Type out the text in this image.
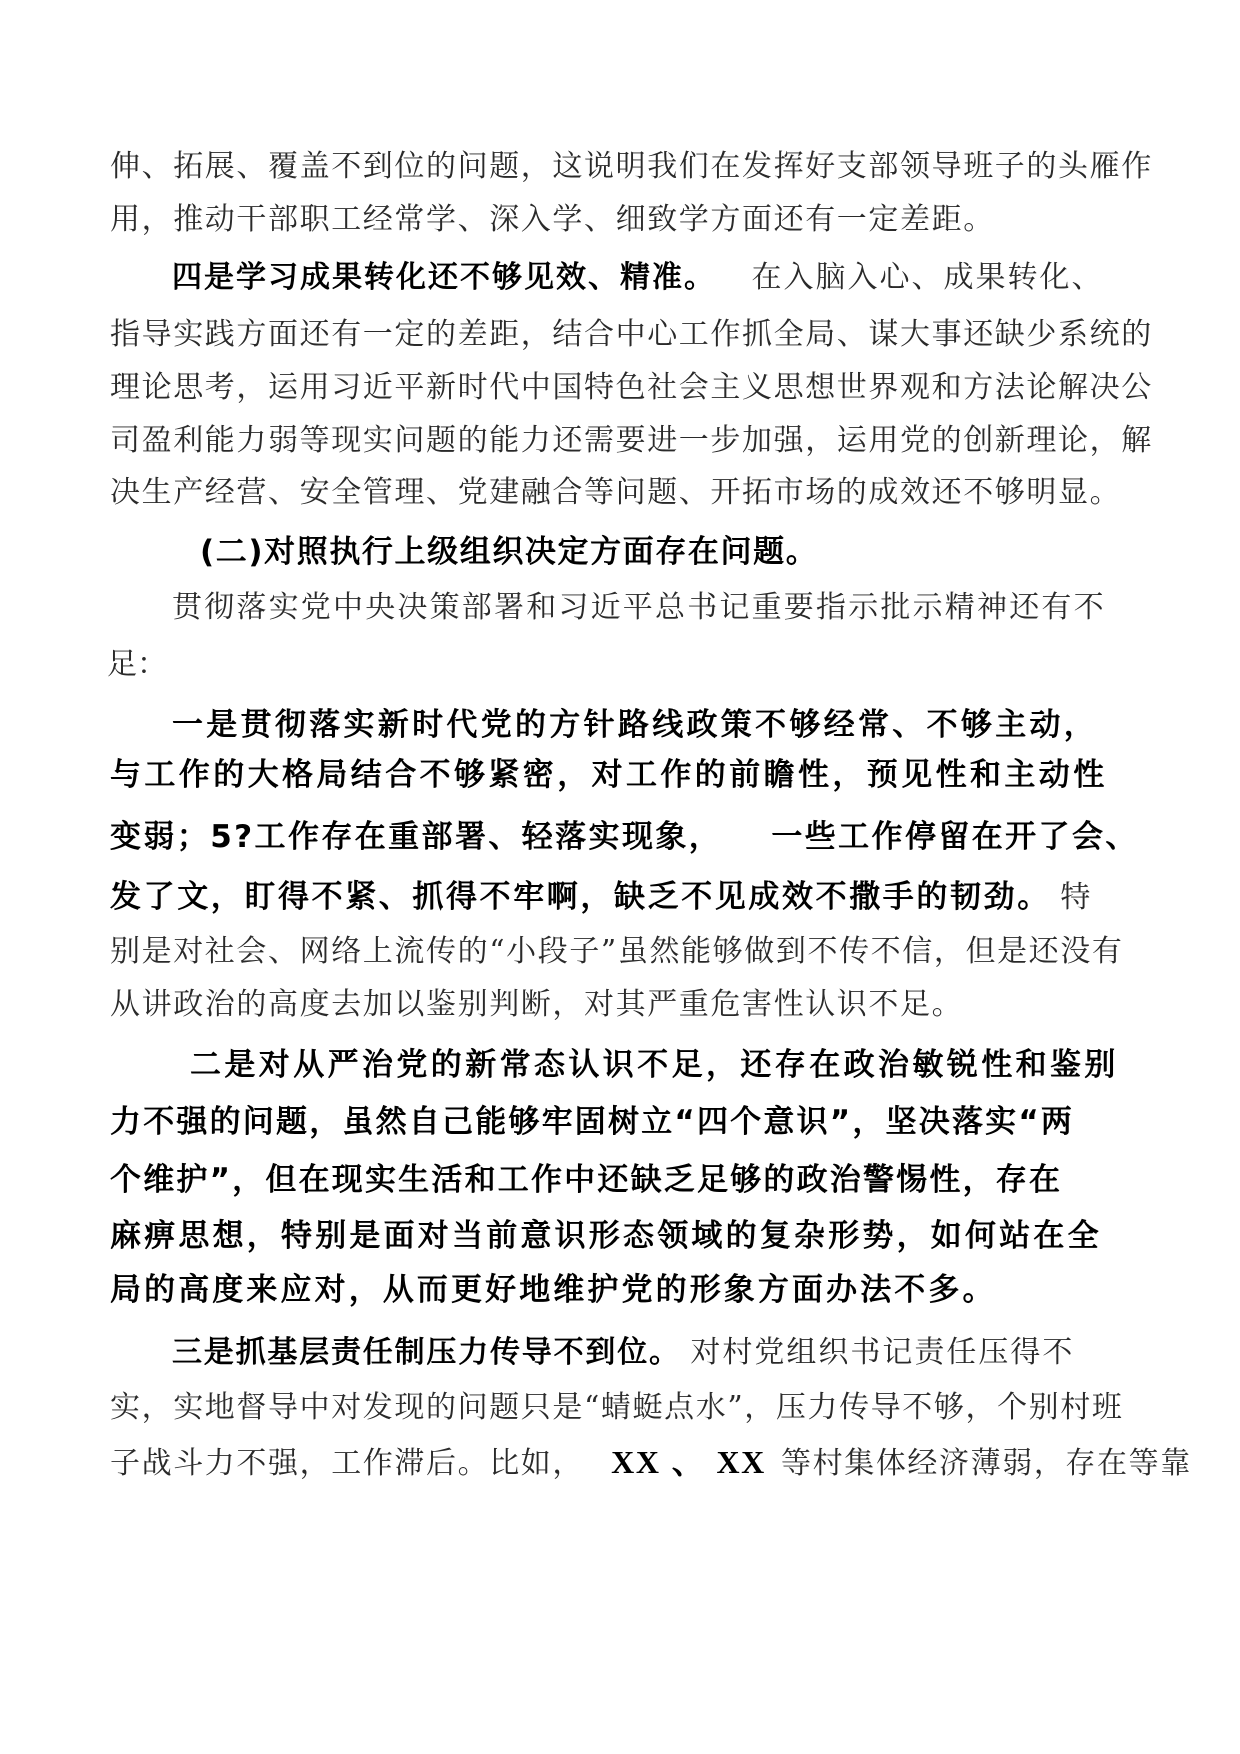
伸、拓展、覆盖不到位的问题，这说明我们在发挥好支部领导班子的头雁作
用，推动干部职工经常学、深入学、细致学方面还有一定差距。
四是学习成果转化还不够见效、精准。 在入脑入心、成果转化、
指导实践方面还有一定的差距，结合中心工作抓全局、谋大事还缺少系统的
理论思考，运用习近平新时代中国特色社会主义思想世界观和方法论解决公
司盈利能力弱等现实问题的能力还需要进一步加强，运用党的创新理论，解
决生产经营、安全管理、党建融合等问题、开拓市场的成效还不够明显。
(二)对照执行上级组织决定方面存在问题。
贯彻落实党中央决策部署和习近平总书记重要指示批示精神还有不
足：
一是贯彻落实新时代党的方针路线政策不够经常、不够主动，
与工作的大格局结合不够紧密，对工作的前瞻性，预见性和主动性
变弱；5?工作存在重部署、轻落实现象， 一些工作停留在开了会、
发了文，盯得不紧、抓得不牢啊，缺乏不见成效不撒手的韧劲。 特
别是对社会、网络上流传的“小段子”虽然能够做到不传不信，但是还没有
从讲政治的高度去加以鉴别判断，对其严重危害性认识不足。
二是对从严治党的新常态认识不足，还存在政治敏锐性和鉴别
力不强的问题，虽然自己能够牢固树立“四个意识”，坚决落实“两
个维护”，但在现实生活和工作中还缺乏足够的政治警惕性，存在
麻痹思想，特别是面对当前意识形态领域的复杂形势，如何站在全
局的高度来应对，从而更好地维护党的形象方面办法不多。
三是抓基层责任制压力传导不到位。 对村党组织书记责任压得不
实，实地督导中对发现的问题只是“蜻蜓点水”，压力传导不够，个别村班
子战斗力不强，工作滞后。比如， XX 、 XX 等村集体经济薄弱，存在等靠
